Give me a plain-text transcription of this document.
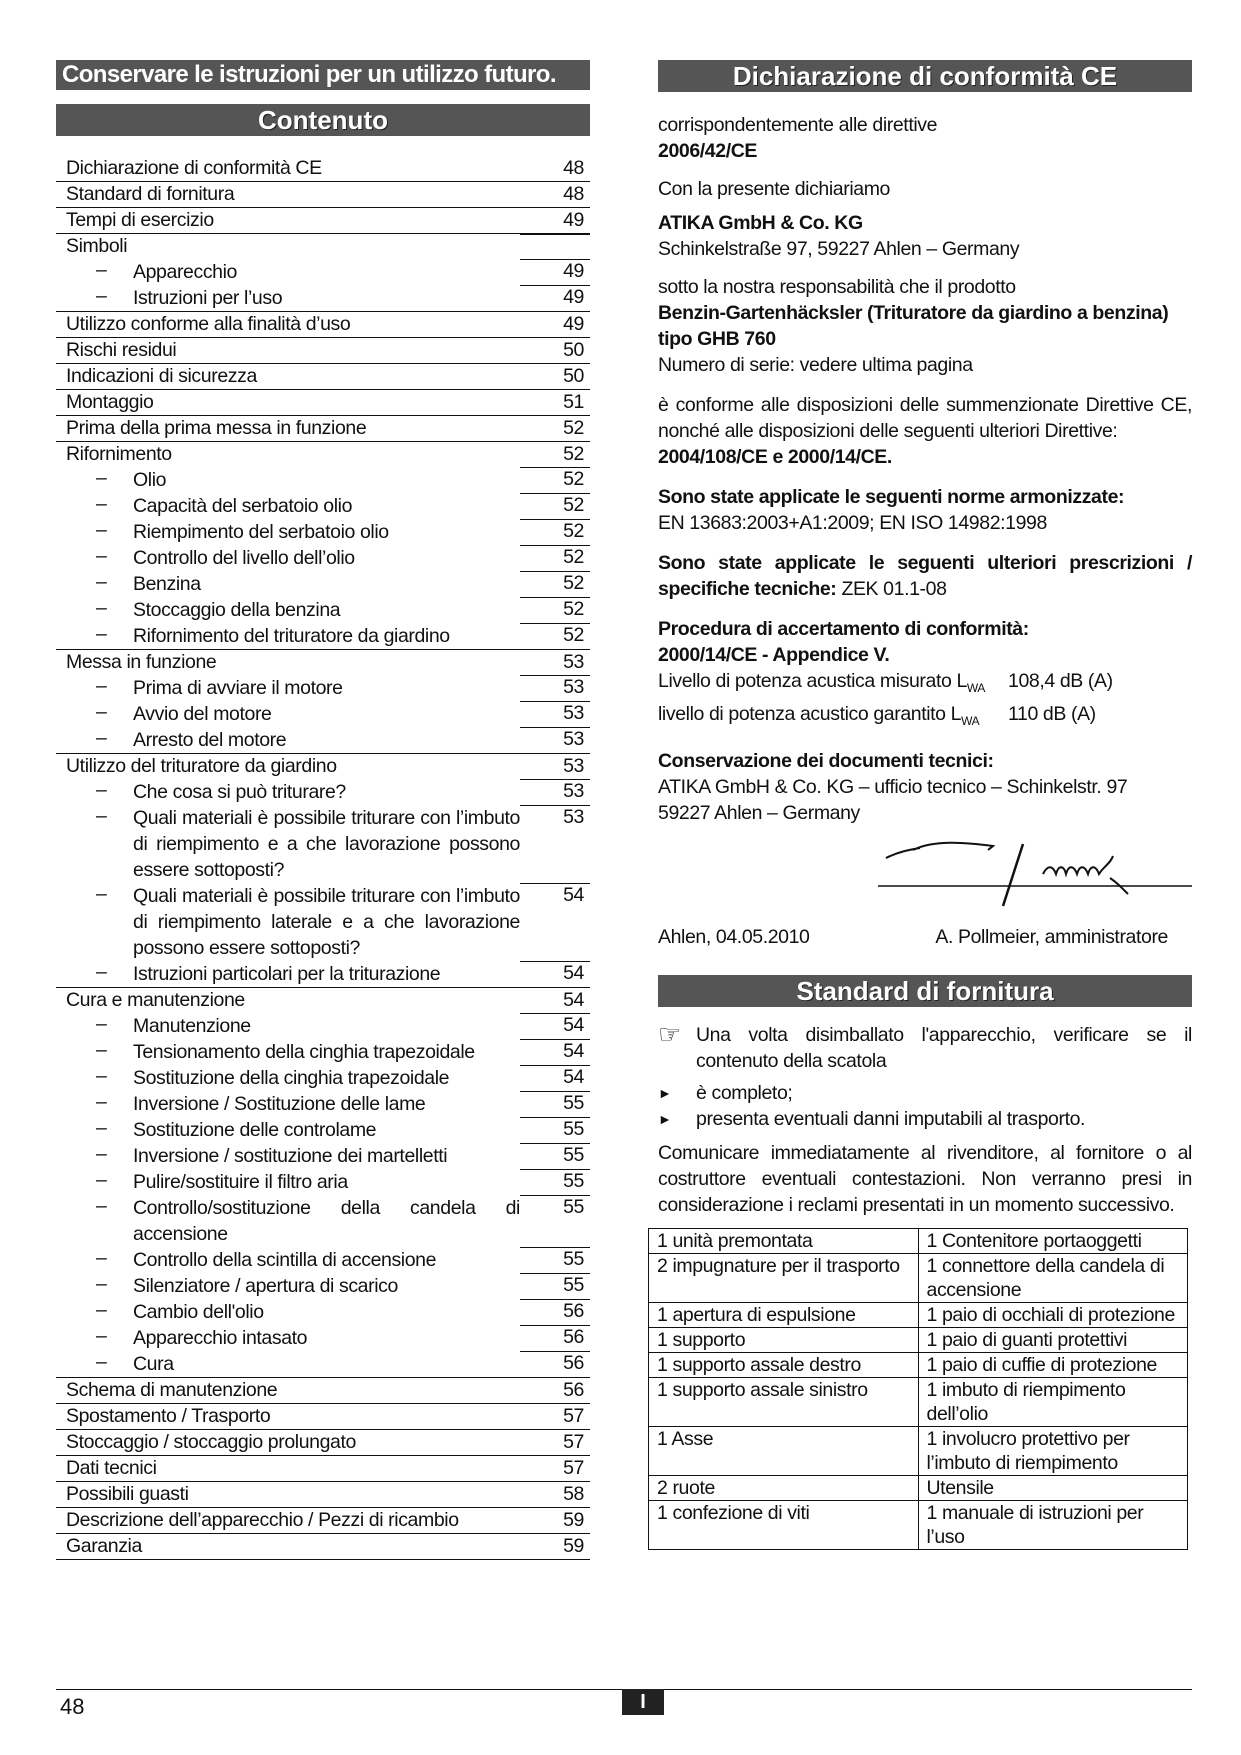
Conservare le istruzioni per un utilizzo futuro.
Contenuto
Dichiarazione di conformità CE	48
Standard di fornitura	48
Tempi di esercizio	49
Simboli
–	Apparecchio	49
–	Istruzioni per l’uso	49
Utilizzo conforme alla finalità d’uso	49
Rischi residui	50
Indicazioni di sicurezza	50
Montaggio	51
Prima della prima messa in funzione	52
Rifornimento	52
–	Olio	52
–	Capacità del serbatoio olio	52
–	Riempimento del serbatoio olio	52
–	Controllo del livello dell’olio	52
–	Benzina	52
–	Stoccaggio della benzina	52
–	Rifornimento del trituratore da giardino	52
Messa in funzione	53
–	Prima di avviare il motore	53
–	Avvio del motore	53
–	Arresto del motore	53
Utilizzo del trituratore da giardino	53
–	Che cosa si può triturare?	53
–	Quali materiali è possibile triturare con l’imbuto di riempimento e a che lavorazione possono essere sottoposti?
53
–	Quali materiali è possibile triturare con l’imbuto di riempimento laterale e a che lavorazione possono essere sottoposti?
54
–	Istruzioni particolari per la triturazione	54
Cura e manutenzione	54
–	Manutenzione	54
–	Tensionamento della cinghia trapezoidale	54
–	Sostituzione della cinghia trapezoidale	54
–	Inversione / Sostituzione delle lame	55
–	Sostituzione delle controlame	55
–	Inversione / sostituzione dei martelletti	55
–	Pulire/sostituire il filtro aria	55
–	Controllo/sostituzione della candela di accensione
55
–	Controllo della scintilla di accensione	55
–	Silenziatore / apertura di scarico	55
–	Cambio dell'olio	56
–	Apparecchio intasato	56
–	Cura	56
Schema di manutenzione	56
Spostamento / Trasporto	57
Stoccaggio / stoccaggio prolungato	57
Dati tecnici	57
Possibili guasti	58
Descrizione dell’apparecchio / Pezzi di ricambio	59
Garanzia	59
Dichiarazione di conformità CE

corrispondentemente alle direttive
2006/42/CE

Con la presente dichiariamo

ATIKA GmbH & Co. KG
Schinkelstraße 97, 59227 Ahlen – Germany

sotto la nostra responsabilità che il prodotto
Benzin-Gartenhäcksler (Trituratore da giardino a benzina)
tipo GHB 760
Numero di serie: vedere ultima pagina

è conforme alle disposizioni delle summenzionate Direttive CE, nonché alle disposizioni delle seguenti ulteriori Direttive:
2004/108/CE e 2000/14/CE.

Sono state applicate le seguenti norme armonizzate:
EN 13683:2003+A1:2009; EN ISO 14982:1998

Sono state applicate le seguenti ulteriori prescrizioni / specifiche tecniche: ZEK 01.1-08

Procedura di accertamento di conformità:
2000/14/CE - Appendice V.
Livello di potenza acustica misurato $L_{WA}$ 108,4 dB (A)
livello di potenza acustico garantito $L_{WA}$ 110 dB (A)

Conservazione dei documenti tecnici:
ATIKA GmbH & Co. KG – ufficio tecnico – Schinkelstr. 97
59227 Ahlen – Germany

Ahlen, 04.05.2010	A. Pollmeier, amministratore
Standard di fornitura
☞ Una volta disimballato l'apparecchio, verificare se il contenuto della scatola
►	è completo;
►	presenta eventuali danni imputabili al trasporto.

Comunicare immediatamente al rivenditore, al fornitore o al costruttore eventuali contestazioni. Non verranno presi in considerazione i reclami presentati in un momento successivo.

1 unità premontata	1 Contenitore portaoggetti
2 impugnature per il trasporto	1 connettore della candela di accensione
1 apertura di espulsione	1 paio di occhiali di protezione
1 supporto	1 paio di guanti protettivi
1 supporto assale destro	1 paio di cuffie di protezione
1 supporto assale sinistro	1 imbuto di riempimento dell’olio
1 Asse	1 involucro protettivo per l’imbuto di riempimento
2 ruote	Utensile
1 confezione di viti	1 manuale di istruzioni per l’uso
48	I
